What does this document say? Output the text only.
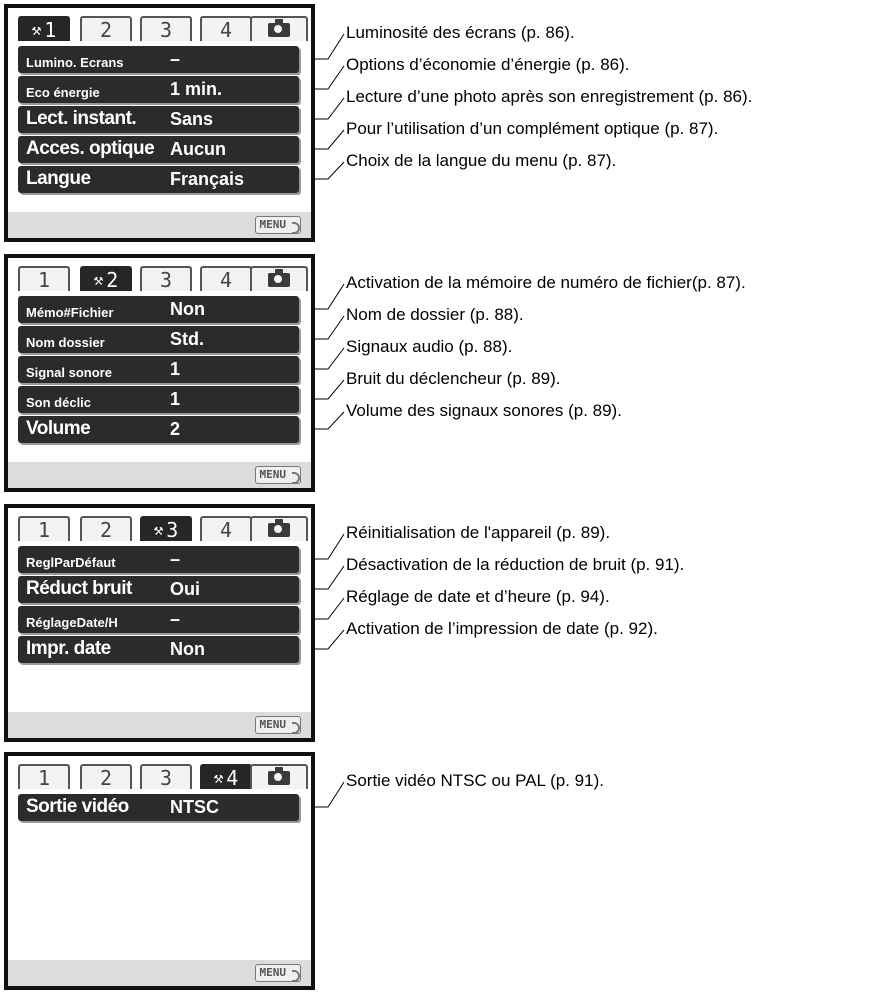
Luminosité des écrans (p. 86).
Options d’économie d’énergie (p. 86).
Lecture d’une photo après son enregistrement (p. 86).
Pour l’utilisation d’un complément optique (p. 87).
Choix de la langue du menu (p. 87).
⚒ 1 2 3 4
Lumino. Ecrans	–
Eco énergie	1 min.
Lect. instant. Sans
Acces. optique Aucun
Langue	Français
MENU
Activation de la mémoire de numéro de fichier(p. 87).
Nom de dossier (p. 88).
Signaux audio (p. 88).
Bruit du déclencheur (p. 89).
Volume des signaux sonores (p. 89).
1	⚒ 2 3 4
Mémo#Fichier	Non
Nom dossier	Std.
Signal sonore	1
Son déclic	1
Volume	2
MENU
Réinitialisation de l'appareil (p. 89).
Désactivation de la réduction de bruit (p. 91).
Réglage de date et d’heure (p. 94).
Activation de l’impression de date (p. 92).
1 2	⚒ 3 4
ReglParDéfaut	–
Réduct bruit Oui
RéglageDate/H	–
Impr. date	Non
MENU
Sortie vidéo NTSC ou PAL (p. 91).
1 2 3	⚒ 4
Sortie vidéo NTSC
MENU
